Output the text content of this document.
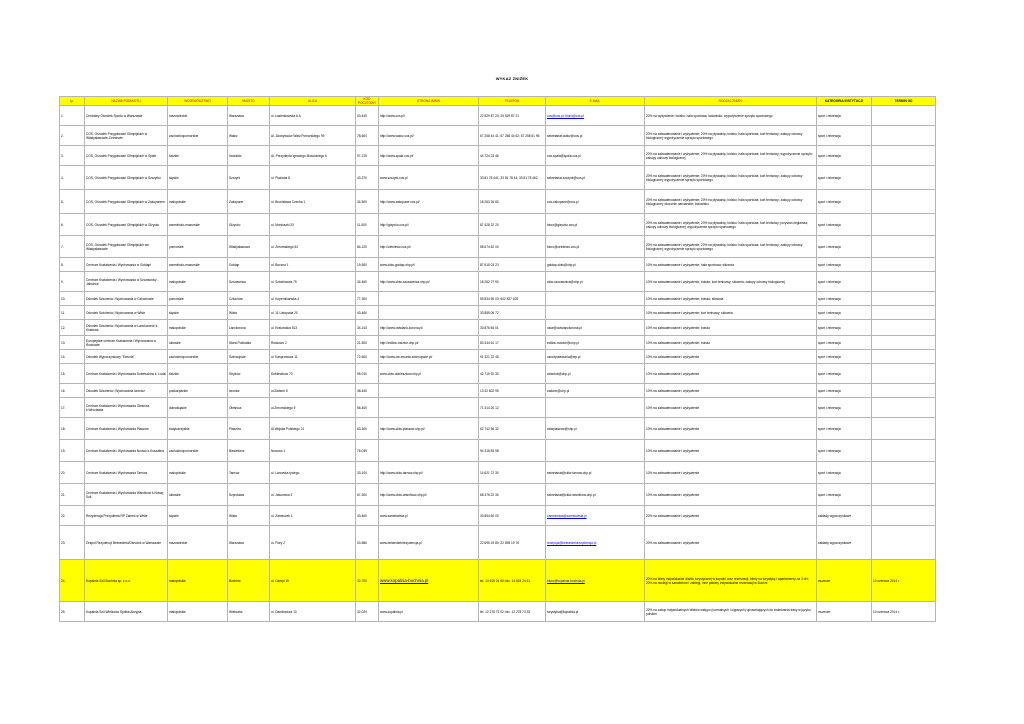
WYKAZ ZNIŻEK
Lp.	NAZWA PODMIOTU	WOJEWÓDZTWO	MIASTO	ULICA	KOD POCZTOWY	STRONA WWW	TELEFON	E-MAIL	RODZAJ ZNIŻKI	KATEGORIA INSTYTUCJI	TERMIN OD
1.	Centralny Ośrodek Sportu w Warszawie	mazowieckie	Warszawa	ul. Łazienkowska 6 A	00-449	http://www.cos.pl/	22 529 87 20; 25 529 87 21	cos@cos.pl; biuro@cos.pl	20% na wyżywienie; boisko; hala sportowa; lodowisko; wypożyczenie sprzętu sportowego	sport i rekreacja	
2.	COS, Ośrodek Przygotowań Olimpijskich w Władysławowie-Cetniewie	zachodniopomorskie	Wałcz	Al. Zdobywców Wału Pomorskiego 99	78-600	http://www.walcz.cos.pl/	67 258 44 41; 67 258 44 62; 67 258 61 96	sekretariat.walcz@cos.pl	20% na zakwaterowanie i wyżywienie; 20% na pływalnię; boisko; hala sportowa; kort tenisowy; zakupy odnowy biologicznej; wypożyczenie sprzętu sportowego	sport i rekreacja	
3.	COS, Ośrodek Przygotowań Olimpijskich w Spale	łódzkie	Inowłódz	Al. Prezydenta Ignacego Mościckiego 6	97-215	http://www.spala.cos.pl/	44 724 23 46	cos-spala@spala.cos.pl	20% na zakwaterowanie i wyżywienie; 20% na pływalnię; boisko; hala sportowa; kort tenisowy; wypożyczenie sprzętu; zakupy odnowy biologicznej	sport i rekreacja	
4.	COS, Ośrodek Przygotowań Olimpijskich w Szczyrku	śląskie	Szczyrk	ul. Plażowa 8	43-370	www.szczyrk.cos.pl	33 81 78 441; 33 81 78 44; 33 81 78 462	sekretariat.szczyrk@cos.pl	20% na zakwaterowanie i wyżywienie; 20% na pływalnię; boisko; hala sportowa; kort tenisowy; zakupy odnowy biologicznej; wypożyczenie sprzętu sportowego	sport i rekreacja	
5.	COS, Ośrodek Przygotowań Olimpijskich w Zakopanem	małopolskie	Zakopane	ul. Bronisława Czecha 1	34-500	http://www.zakopane.cos.pl/	18 263 26 80	cos-zakopane@cos.pl	20% na zakwaterowanie i wyżywienie; 20% na pływalnię; boisko; hala sportowa; kort tenisowy; zakupy odnowy biologicznej; skocznie narciarskie; lodowisko	sport i rekreacja	
6.	COS, Ośrodek Przygotowań Olimpijskich w Giżycku	warmińsko-mazurskie	Giżycko	ul. Moniuszki 20	11-500	http://gizycko.cos.pl/	87 428 22 20	biuro@gizycko.cos.pl	20% na zakwaterowanie i wyżywienie; 20% na pływalnię; boisko; hala sportowa; kort tenisowy; przystań żeglarska; zakupy odnowy biologicznej; wypożyczenie sprzętu sportowego	sport i rekreacja	
7.	COS, Ośrodek Przygotowań Olimpijskich we Władysławowie	pomorskie	Władysławowo	ul. Żeromskiego 52	84-120	http://cetniewo.cos.pl/	58 674 62 00	biuro@cetniewo.cos.pl	20% na zakwaterowanie i wyżywienie; 20% na pływalnię; boisko; hala sportowa; kort tenisowy; zakupy odnowy biologicznej; wypożyczenie sprzętu sportowego	sport i rekreacja	
8.	Centrum Kształcenia i Wychowania w Gołdapi	warmińsko-mazurskie	Gołdap	ul. Boczna 1	19-500	www.ckiw-goldap.ohp.pl/	87 615 03 23	goldap-ckiw@ohp.pl	10% na zakwaterowanie i wyżywienie; hala sportowa; siłownia	sport i rekreacja	
9.	Centrum Kształcenia i Wychowania w Szczawnicy - Jabłonce	małopolskie	Szczawnica	ul. Sztolnicowa 75	34-460	http://www.ckiw-szczawnica.ohp.pl/	18 262 27 90	ckiw-szczawnica@ohp.pl	10% na zakwaterowanie i wyżywienie; boisko; kort tenisowy; siłownia; zakupy odnowy biologicznej	sport i rekreacja	
10.	Ośrodek Szkolenia i Wychowania w Człuchowie	pomorskie	Człuchów	ul. Kopernikańska 4	77-300		59 834 55 03; 602 837 625		10% na zakwaterowanie i wyżywienie; boisko; siłownia	sport i rekreacja	
11.	Ośrodek Szkolenia i Wychowania w Wiśle	śląskie	Wisła	ul. 11 Listopada 20	43-460		33 855 06 72		10% na zakwaterowanie i wyżywienie; kort tenisowy; siłownia	sport i rekreacja	
12.	Ośrodek Szkolenia i Wychowania w Lanckoronie k. Krakowa	małopolskie	Lanckorona	ul. Krakowska 513	34-143	http://www.osiwlank-korona.pl/	33 876 84 01	osiw@osiwlanckorona.pl	10% na zakwaterowanie i wyżywienie; boisko	sport i rekreacja	
13.	Europejskie centrum Kształcenia i Wychowania w Roskowie	lubuskie	Stara Podbabia	Roskowo 2	21-500	http://ecikiw-rodzice.ohp.pl/	83 344 61 17	ecikiw-rodzice@ohp.pl	10% na zakwaterowanie i wyżywienie; boisko	sport i rekreacja	
14.	Ośrodek Wypoczynkowy "Ewunia"	zachodniopomorskie	Świnoujście	ul. Kasprowicza 11	72-600	http://www.ow-ewunia.swinoujscie.pl/	91 321 22 45	osrodpraewunia@wp.pl	10% na zakwaterowanie i wyżywienie	sport i rekreacja	
15.	Centrum Kształcenia i Wychowania Dobieszków k. Łodzi	łódzkie	Stryków	Dobieszków 70	95-010	www.ckiw-dobieszkow.ohp.pl	42 719 92 30	ckiwdob@ohp.pl	10% na zakwaterowanie i wyżywienie	sport i rekreacja	
16.	Ośrodek Szkolenia i Wychowania Iwonicz	podkarpackie	Iwonicz	ul.Zadwór 5	38-440		13 42 602 95	zadwor@ohp.pl	10% na zakwaterowanie i wyżywienie	sport i rekreacja	
17.	Centrum Kształcenia i Wychowania Oleśnica k.Wrocławia	dolnośląskie	Oleśnica	ul.Żeromskiego 9	56-400		71 314 20 12		10% na zakwaterowanie i wyżywienie	sport i rekreacja	
18.	Centrum Kształcenia i Wychowania Płaszów	świętokrzyskie	Płaszów	Al.Wojska Polskiego 21	63-300	http://www.ckiw-plaszow.ohp.pl/	62 742 56 32	ckiwplaszow@ohp.pl	10% na zakwaterowanie i wyżywienie	sport i rekreacja	
19.	Centrum Kształcenia i Wychowania Noowo k.Koszalina	zachodniopomorskie	Biesiekierz	Nosowo 1	76-039		94 318 83 98		10% na zakwaterowanie i wyżywienie	sport i rekreacja	
20.	Centrum Kształcenia i Wychowania Tarnów	małopolskie	Tarnów	ul. Lwowska tyciego	33-100	http://www.ckiw-tarnow.ohp.pl/	14 621 72 30	sekretariat@ckiw-tarnow.ohp.pl	10% na zakwaterowanie i wyżywienie	sport i rekreacja	
21.	Centrum Kształcenia i Wychowania Wiśnifców k.Nowej Soli	lubuskie	Szprotawa	ul. Jaworowa 3	67-300	http://www.ckiw-wisnifcow.ohp.pl/	68 376 22 30	sekretariat@ckiw-wisnifcow.ohp.pl	10% na zakwaterowanie i wyżywienie	sport i rekreacja	
22.	Rezydencja Prezydenta RP Zamek w Wiśle	śląskie	Wisła	ul. Zameczek 1	43-460	www.zamekwisla.pl	33 854 60 00	zamekwisla@zamekwisla.pl	20% na zakwaterowanie i wyżywienie	zakłady wypoczynkowe	
23.	Zespół Rezydencji Belwederki/Ośrodek w Warszawie	mazowieckie	Warszawa	ul. Flory 2	00-586	www.belwederkirezydencja.pl	22 695 19 80; 22 695 19 76	recepcja@belwederkirezydencja.pl	20% na zakwaterowanie i wyżywienie	zakłady wypoczynkowe	
24.	Kopalnia Soli Bochnia sp. z o.o.	małopolskie	Bochnia	ul. Campi 15	32-700	www.kopalnia-bochnia.pl	tel. 14 615 24 60; fax. 14 615 24 61	biuro@kopalnia-bochnia.pl	20% na bilety indywidualne dla/do turystycznej w kopalni oraz rezerwacji; bilety na turystykę i apartamenty na 3 dni; 20% na noclegi w sanatorium i zabiegi; inne pakiety indywidualne rezerwacji w Bochni	muzeum	10 czerwca 2014 r.
25.	Kopalnia Soli Wieliczka Spółka Akcyjna	małopolskie	Wieliczka	ul. Daniłowicza 10	32-020	www.kopalnia.pl	tel. 12 278 73 02; fax. 12 278 73 33	turystyka@kopalnia.pl	20% na zakup indywidualnych biletów wstępu (normalnych i ulgowych) uprawniających do zwiedzania trasy w języku polskim	muzeum	10 czerwca 2014 r.
